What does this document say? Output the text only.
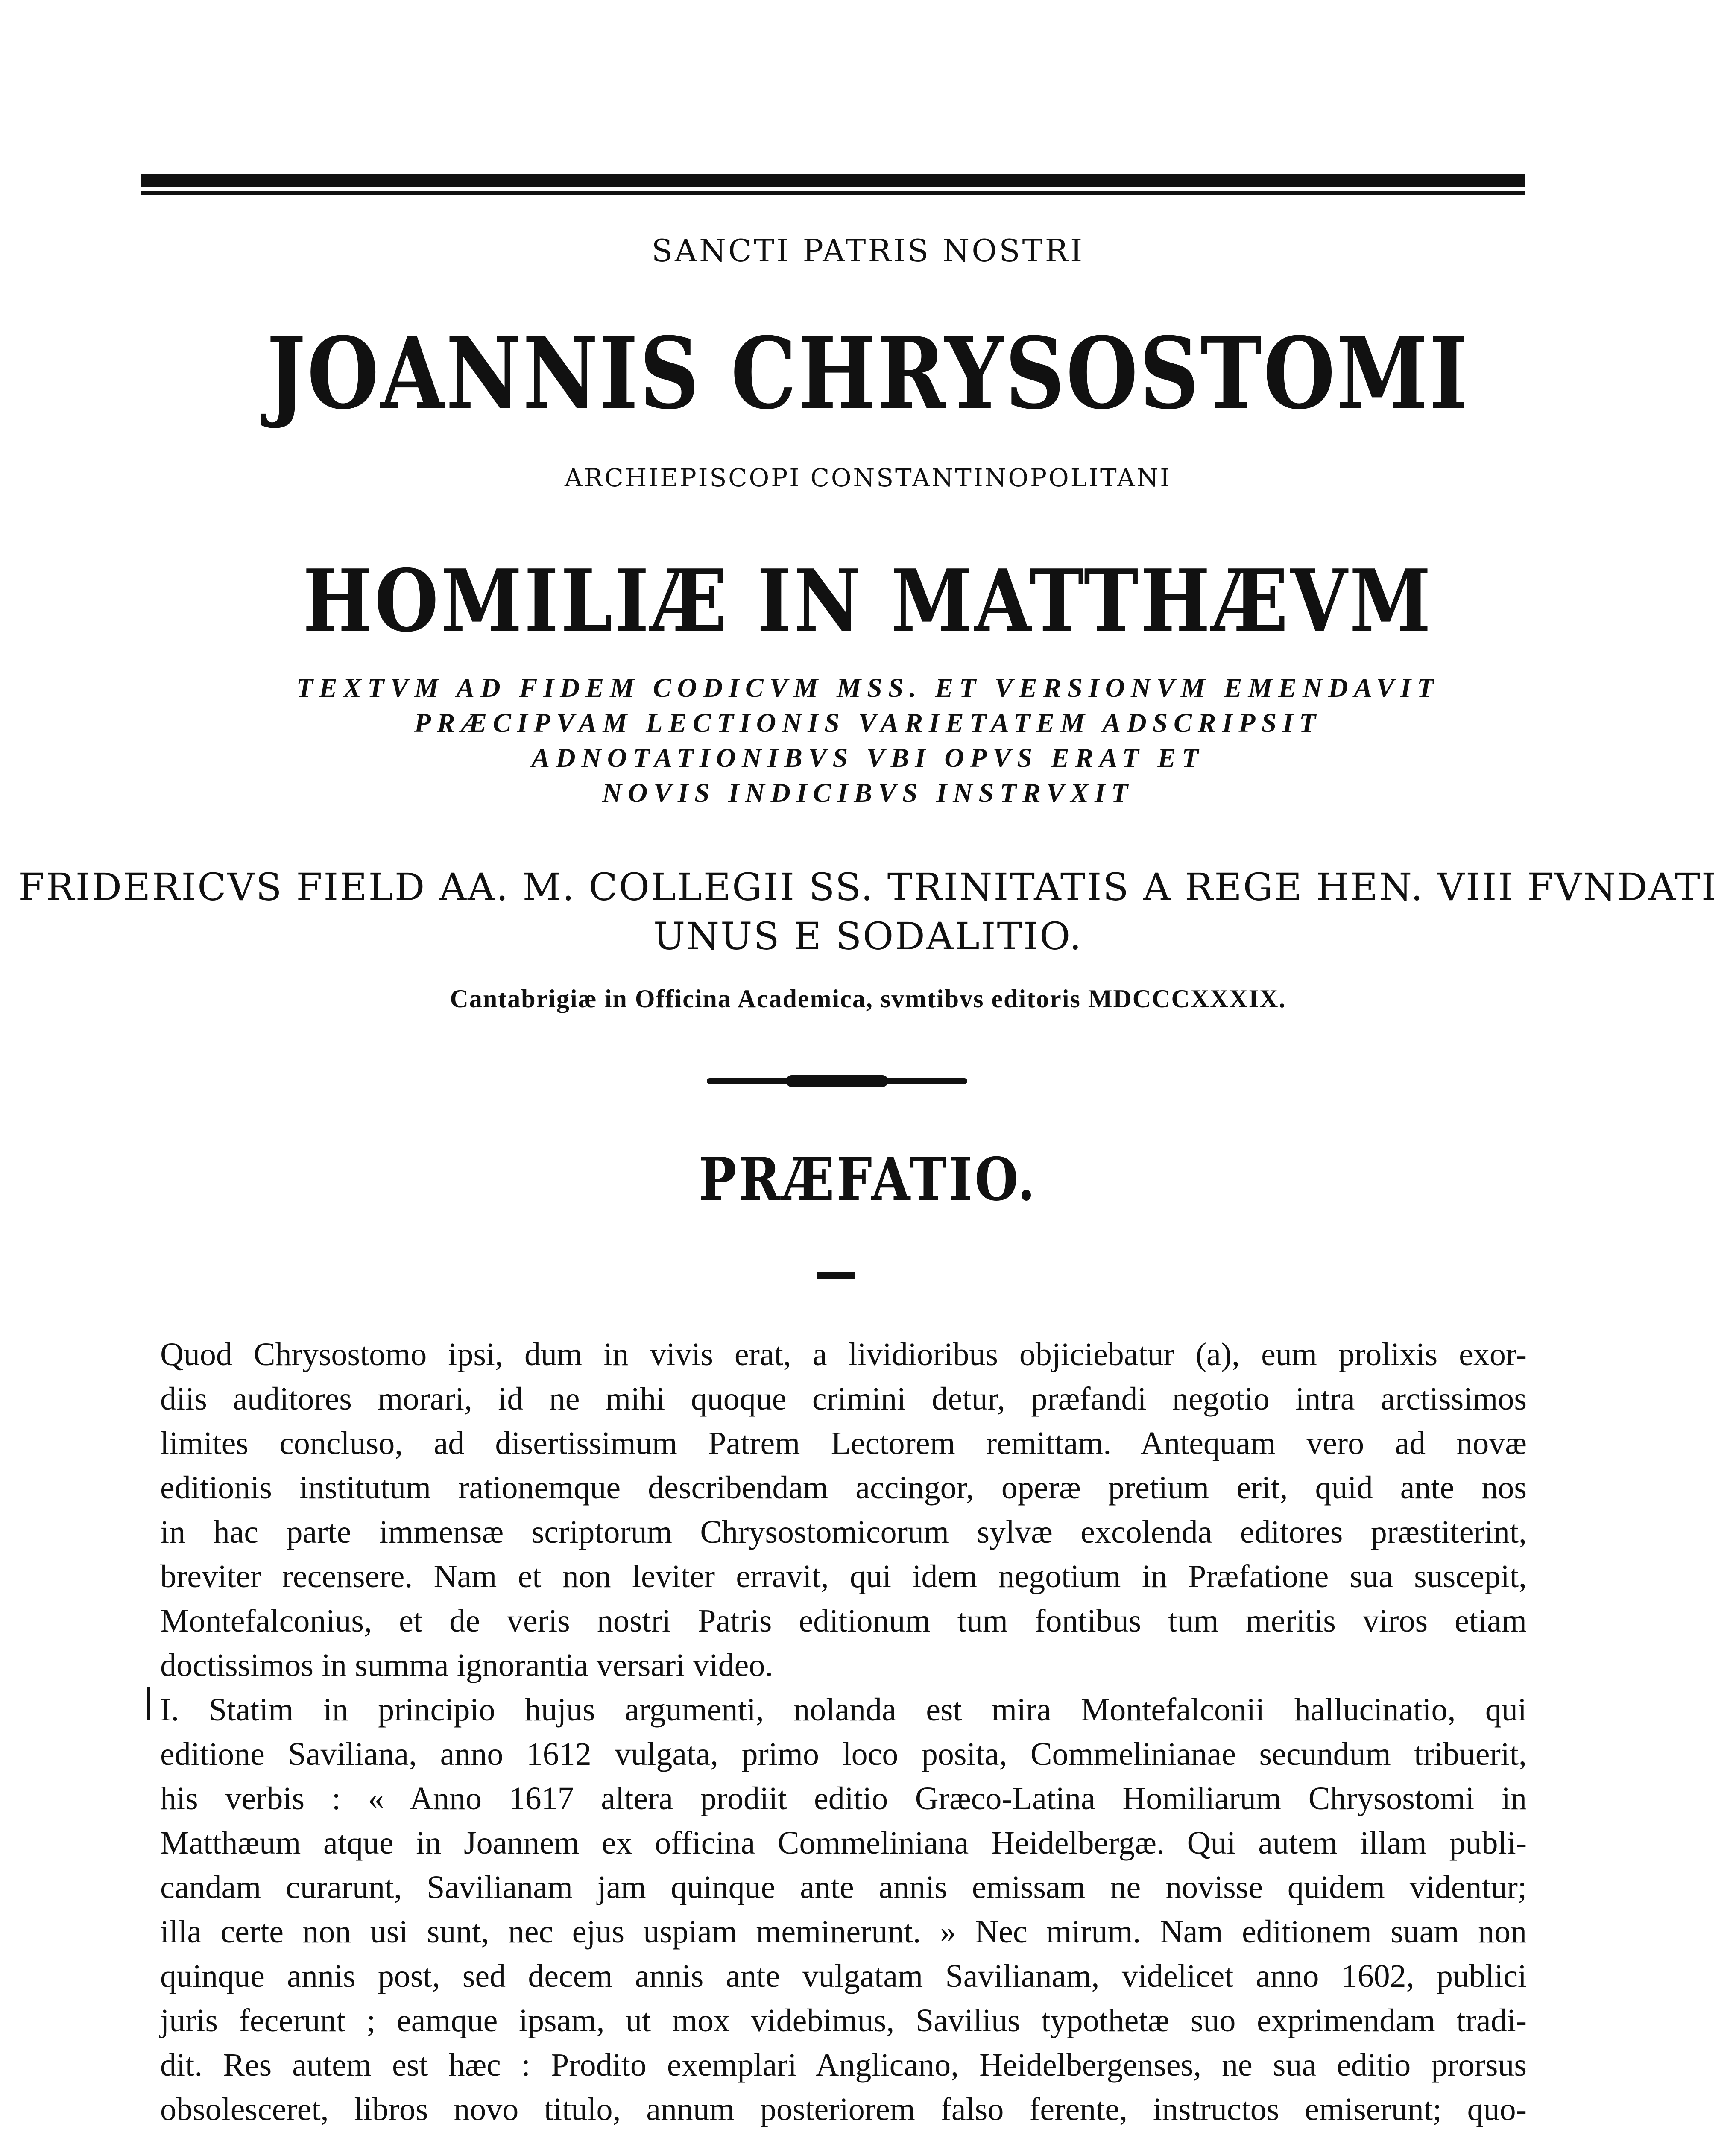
SANCTI PATRIS NOSTRI
JOANNIS CHRYSOSTOMI
ARCHIEPISCOPI CONSTANTINOPOLITANI
HOMILIÆ IN MATTHÆVM
TEXTVM AD FIDEM CODICVM MSS. ET VERSIONVM EMENDAVIT
PRÆCIPVAM LECTIONIS VARIETATEM ADSCRIPSIT
ADNOTATIONIBVS VBI OPVS ERAT ET
NOVIS INDICIBVS INSTRVXIT
FRIDERICVS FIELD AA. M. COLLEGII SS. TRINITATIS A REGE HEN. VIII FVNDATI
UNUS E SODALITIO.
Cantabrigiæ in Officina Academica, svmtibvs editoris MDCCCXXXIX.
PRÆFATIO.
Quod Chrysostomo ipsi, dum in vivis erat, a lividioribus objiciebatur (a), eum prolixis exor-
diis auditores morari, id ne mihi quoque crimini detur, præfandi negotio intra arctissimos
limites concluso, ad disertissimum Patrem Lectorem remittam. Antequam vero ad novæ
editionis institutum rationemque describendam accingor, operæ pretium erit, quid ante nos
in hac parte immensæ scriptorum Chrysostomicorum sylvæ excolenda editores præstiterint,
breviter recensere. Nam et non leviter erravit, qui idem negotium in Præfatione sua suscepit,
Montefalconius, et de veris nostri Patris editionum tum fontibus tum meritis viros etiam
doctissimos in summa ignorantia versari video.
I. Statim in principio hujus argumenti, nolanda est mira Montefalconii hallucinatio, qui
editione Saviliana, anno 1612 vulgata, primo loco posita, Commelinianae secundum tribuerit,
his verbis : « Anno 1617 altera prodiit editio Græco-Latina Homiliarum Chrysostomi in
Matthæum atque in Joannem ex officina Commeliniana Heidelbergæ. Qui autem illam publi-
candam curarunt, Savilianam jam quinque ante annis emissam ne novisse quidem videntur;
illa certe non usi sunt, nec ejus uspiam meminerunt. » Nec mirum. Nam editionem suam non
quinque annis post, sed decem annis ante vulgatam Savilianam, videlicet anno 1602, publici
juris fecerunt ; eamque ipsam, ut mox videbimus, Savilius typothetæ suo exprimendam tradi-
dit. Res autem est hæc : Prodito exemplari Anglicano, Heidelbergenses, ne sua editio prorsus
obsolesceret, libros novo titulo, annum posteriorem falso ferente, instructos emiserunt; quo-
